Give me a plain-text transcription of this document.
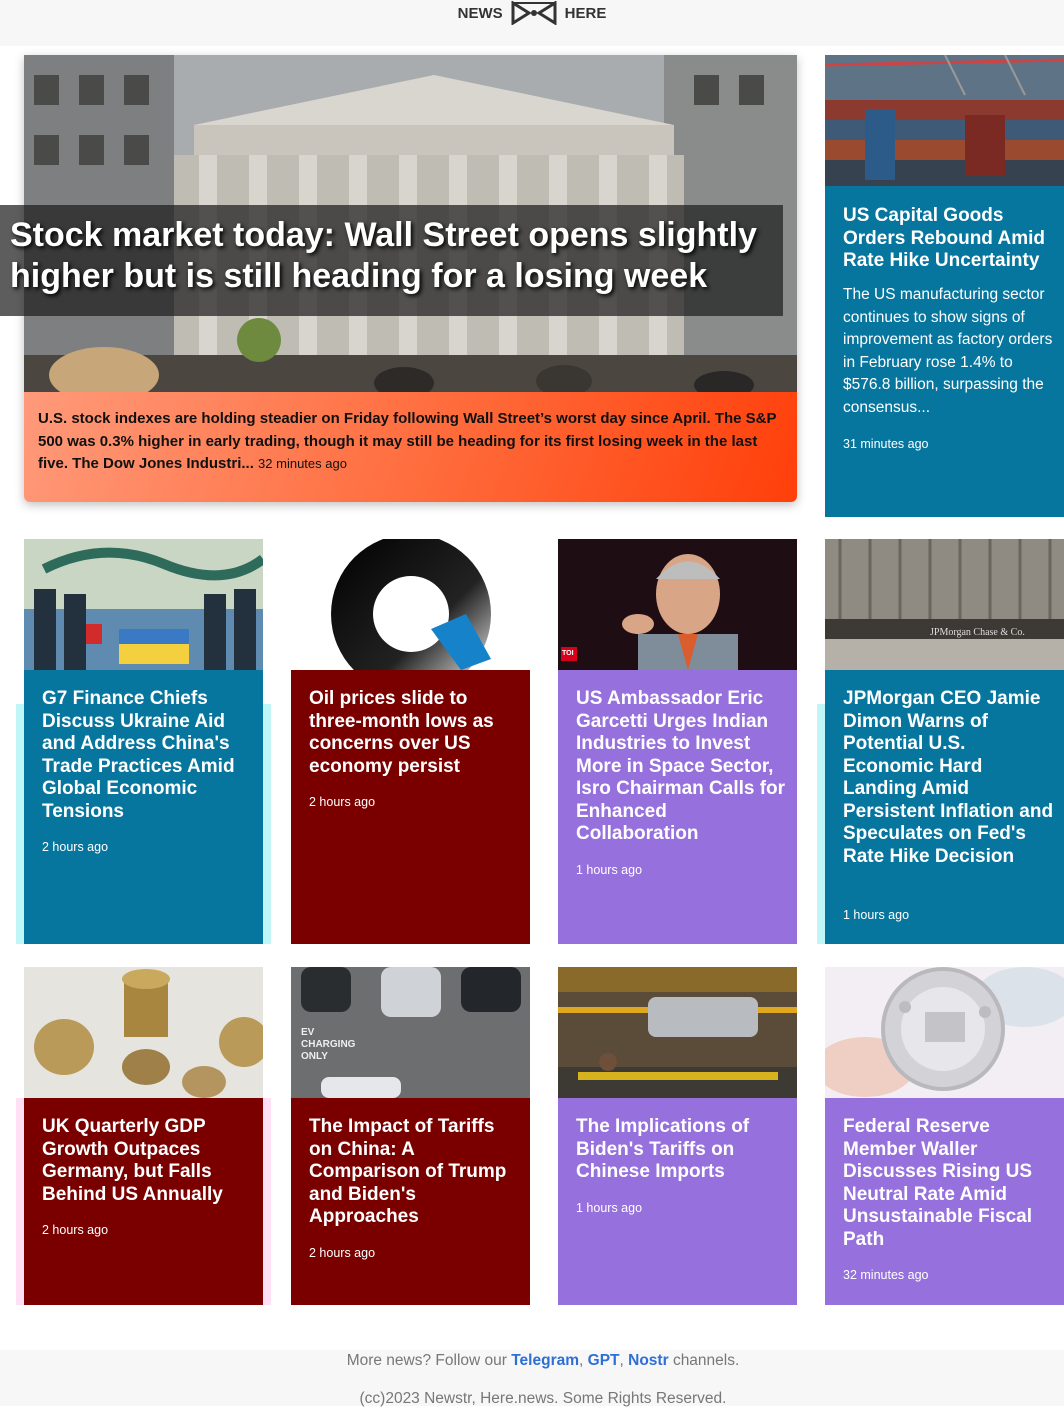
NEWS	HERE
Stock market today: Wall Street opens slightly higher but is still heading for a losing week
U.S. stock indexes are holding steadier on Friday following Wall Street’s worst day since April. The S&P 500 was 0.3% higher in early trading, though it may still be heading for its first losing week in the last five. The Dow Jones Industri... 32 minutes ago
US Capital Goods Orders Rebound Amid Rate Hike Uncertainty

The US manufacturing sector continues to show signs of improvement as factory orders in February rose 1.4% to $576.8 billion, surpassing the consensus...

31 minutes ago
G7 Finance Chiefs Discuss Ukraine Aid and Address China's Trade Practices Amid Global Economic Tensions
2 hours ago
Oil prices slide to three-month lows as concerns over US economy persist
2 hours ago
TOI
US Ambassador Eric Garcetti Urges Indian Industries to Invest More in Space Sector, Isro Chairman Calls for Enhanced Collaboration
1 hours ago
JPMorgan Chase & Co.
JPMorgan CEO Jamie Dimon Warns of Potential U.S. Economic Hard Landing Amid Persistent Inflation and Speculates on Fed's Rate Hike Decision
1 hours ago
UK Quarterly GDP Growth Outpaces Germany, but Falls Behind US Annually
2 hours ago
EV CHARGING ONLY
The Impact of Tariffs on China: A Comparison of Trump and Biden's Approaches
2 hours ago
The Implications of Biden's Tariffs on Chinese Imports
1 hours ago
Federal Reserve Member Waller Discusses Rising US Neutral Rate Amid Unsustainable Fiscal Path
32 minutes ago
More news? Follow our Telegram, GPT, Nostr channels.
(cc)2023 Newstr, Here.news. Some Rights Reserved.
